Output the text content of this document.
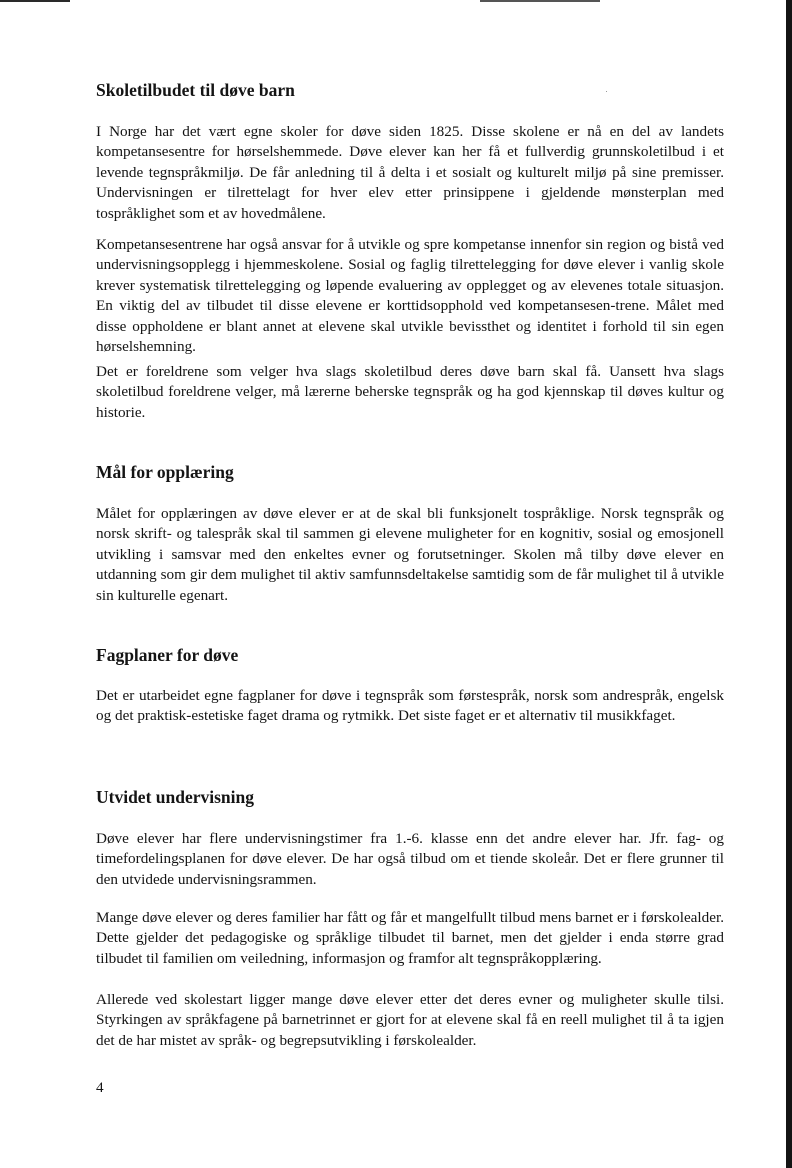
Skoletilbudet til døve barn

I Norge har det vært egne skoler for døve siden 1825. Disse skolene er nå en del av landets kompetansesentre for hørselshemmede. Døve elever kan her få et fullverdig grunnskoletilbud i et levende tegnspråkmiljø. De får anledning til å delta i et sosialt og kulturelt miljø på sine premisser. Undervisningen er tilrettelagt for hver elev etter prinsippene i gjeldende mønsterplan med tospråklighet som et av hovedmålene.

Kompetansesentrene har også ansvar for å utvikle og spre kompetanse innenfor sin region og bistå ved undervisningsopplegg i hjemmeskolene. Sosial og faglig tilrettelegging for døve elever i vanlig skole krever systematisk tilrettelegging og løpende evaluering av opplegget og av elevenes totale situasjon. En viktig del av tilbudet til disse elevene er korttidsopphold ved kompetansesen-trene. Målet med disse oppholdene er blant annet at elevene skal utvikle bevissthet og identitet i forhold til sin egen hørselshemning.

Det er foreldrene som velger hva slags skoletilbud deres døve barn skal få. Uansett hva slags skoletilbud foreldrene velger, må lærerne beherske tegnspråk og ha god kjennskap til døves kultur og historie.

Mål for opplæring

Målet for opplæringen av døve elever er at de skal bli funksjonelt tospråklige. Norsk tegnspråk og norsk skrift- og talespråk skal til sammen gi elevene muligheter for en kognitiv, sosial og emosjonell utvikling i samsvar med den enkeltes evner og forutsetninger. Skolen må tilby døve elever en utdanning som gir dem mulighet til aktiv samfunnsdeltakelse samtidig som de får mulighet til å utvikle sin kulturelle egenart.

Fagplaner for døve

Det er utarbeidet egne fagplaner for døve i tegnspråk som førstespråk, norsk som andrespråk, engelsk og det praktisk-estetiske faget drama og rytmikk. Det siste faget er et alternativ til musikkfaget.

Utvidet undervisning

Døve elever har flere undervisningstimer fra 1.-6. klasse enn det andre elever har. Jfr. fag- og timefordelingsplanen for døve elever. De har også tilbud om et tiende skoleår. Det er flere grunner til den utvidede undervisningsrammen.

Mange døve elever og deres familier har fått og får et mangelfullt tilbud mens barnet er i førskolealder. Dette gjelder det pedagogiske og språklige tilbudet til barnet, men det gjelder i enda større grad tilbudet til familien om veiledning, informasjon og framfor alt tegnspråkopplæring.

Allerede ved skolestart ligger mange døve elever etter det deres evner og muligheter skulle tilsi. Styrkingen av språkfagene på barnetrinnet er gjort for at elevene skal få en reell mulighet til å ta igjen det de har mistet av språk- og begrepsutvikling i førskolealder.

4
